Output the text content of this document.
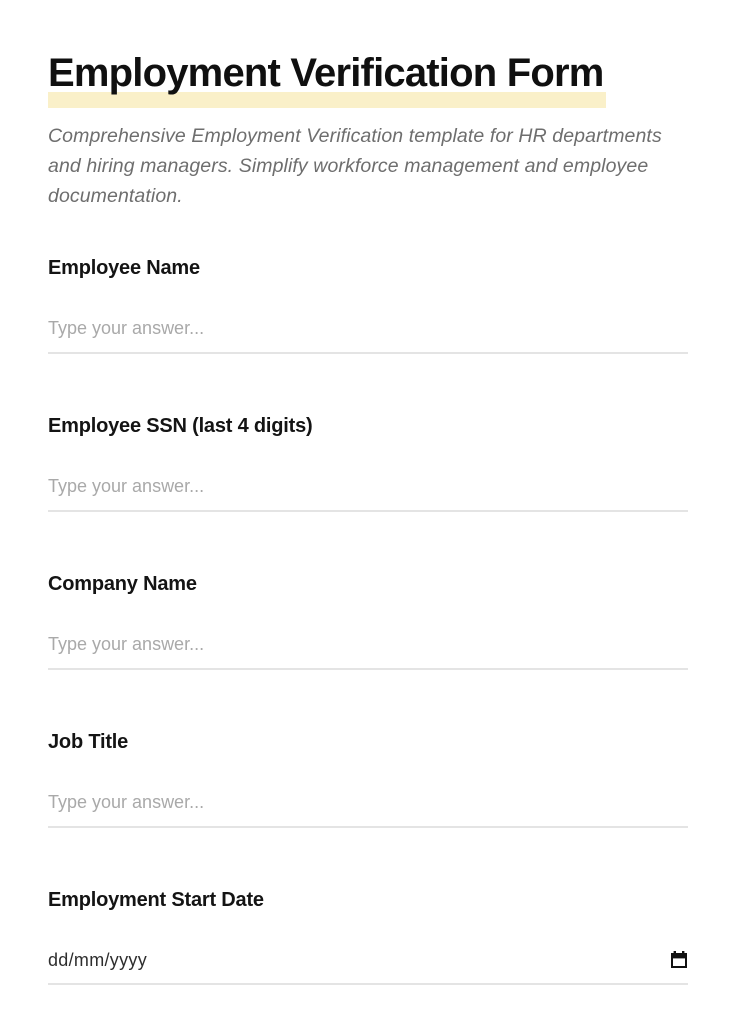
Employment Verification Form
Comprehensive Employment Verification template for HR departments
and hiring managers. Simplify workforce management and employee
documentation.
Employee Name
Type your answer...
Employee SSN (last 4 digits)
Type your answer...
Company Name
Type your answer...
Job Title
Type your answer...
Employment Start Date
dd/mm/yyyy
